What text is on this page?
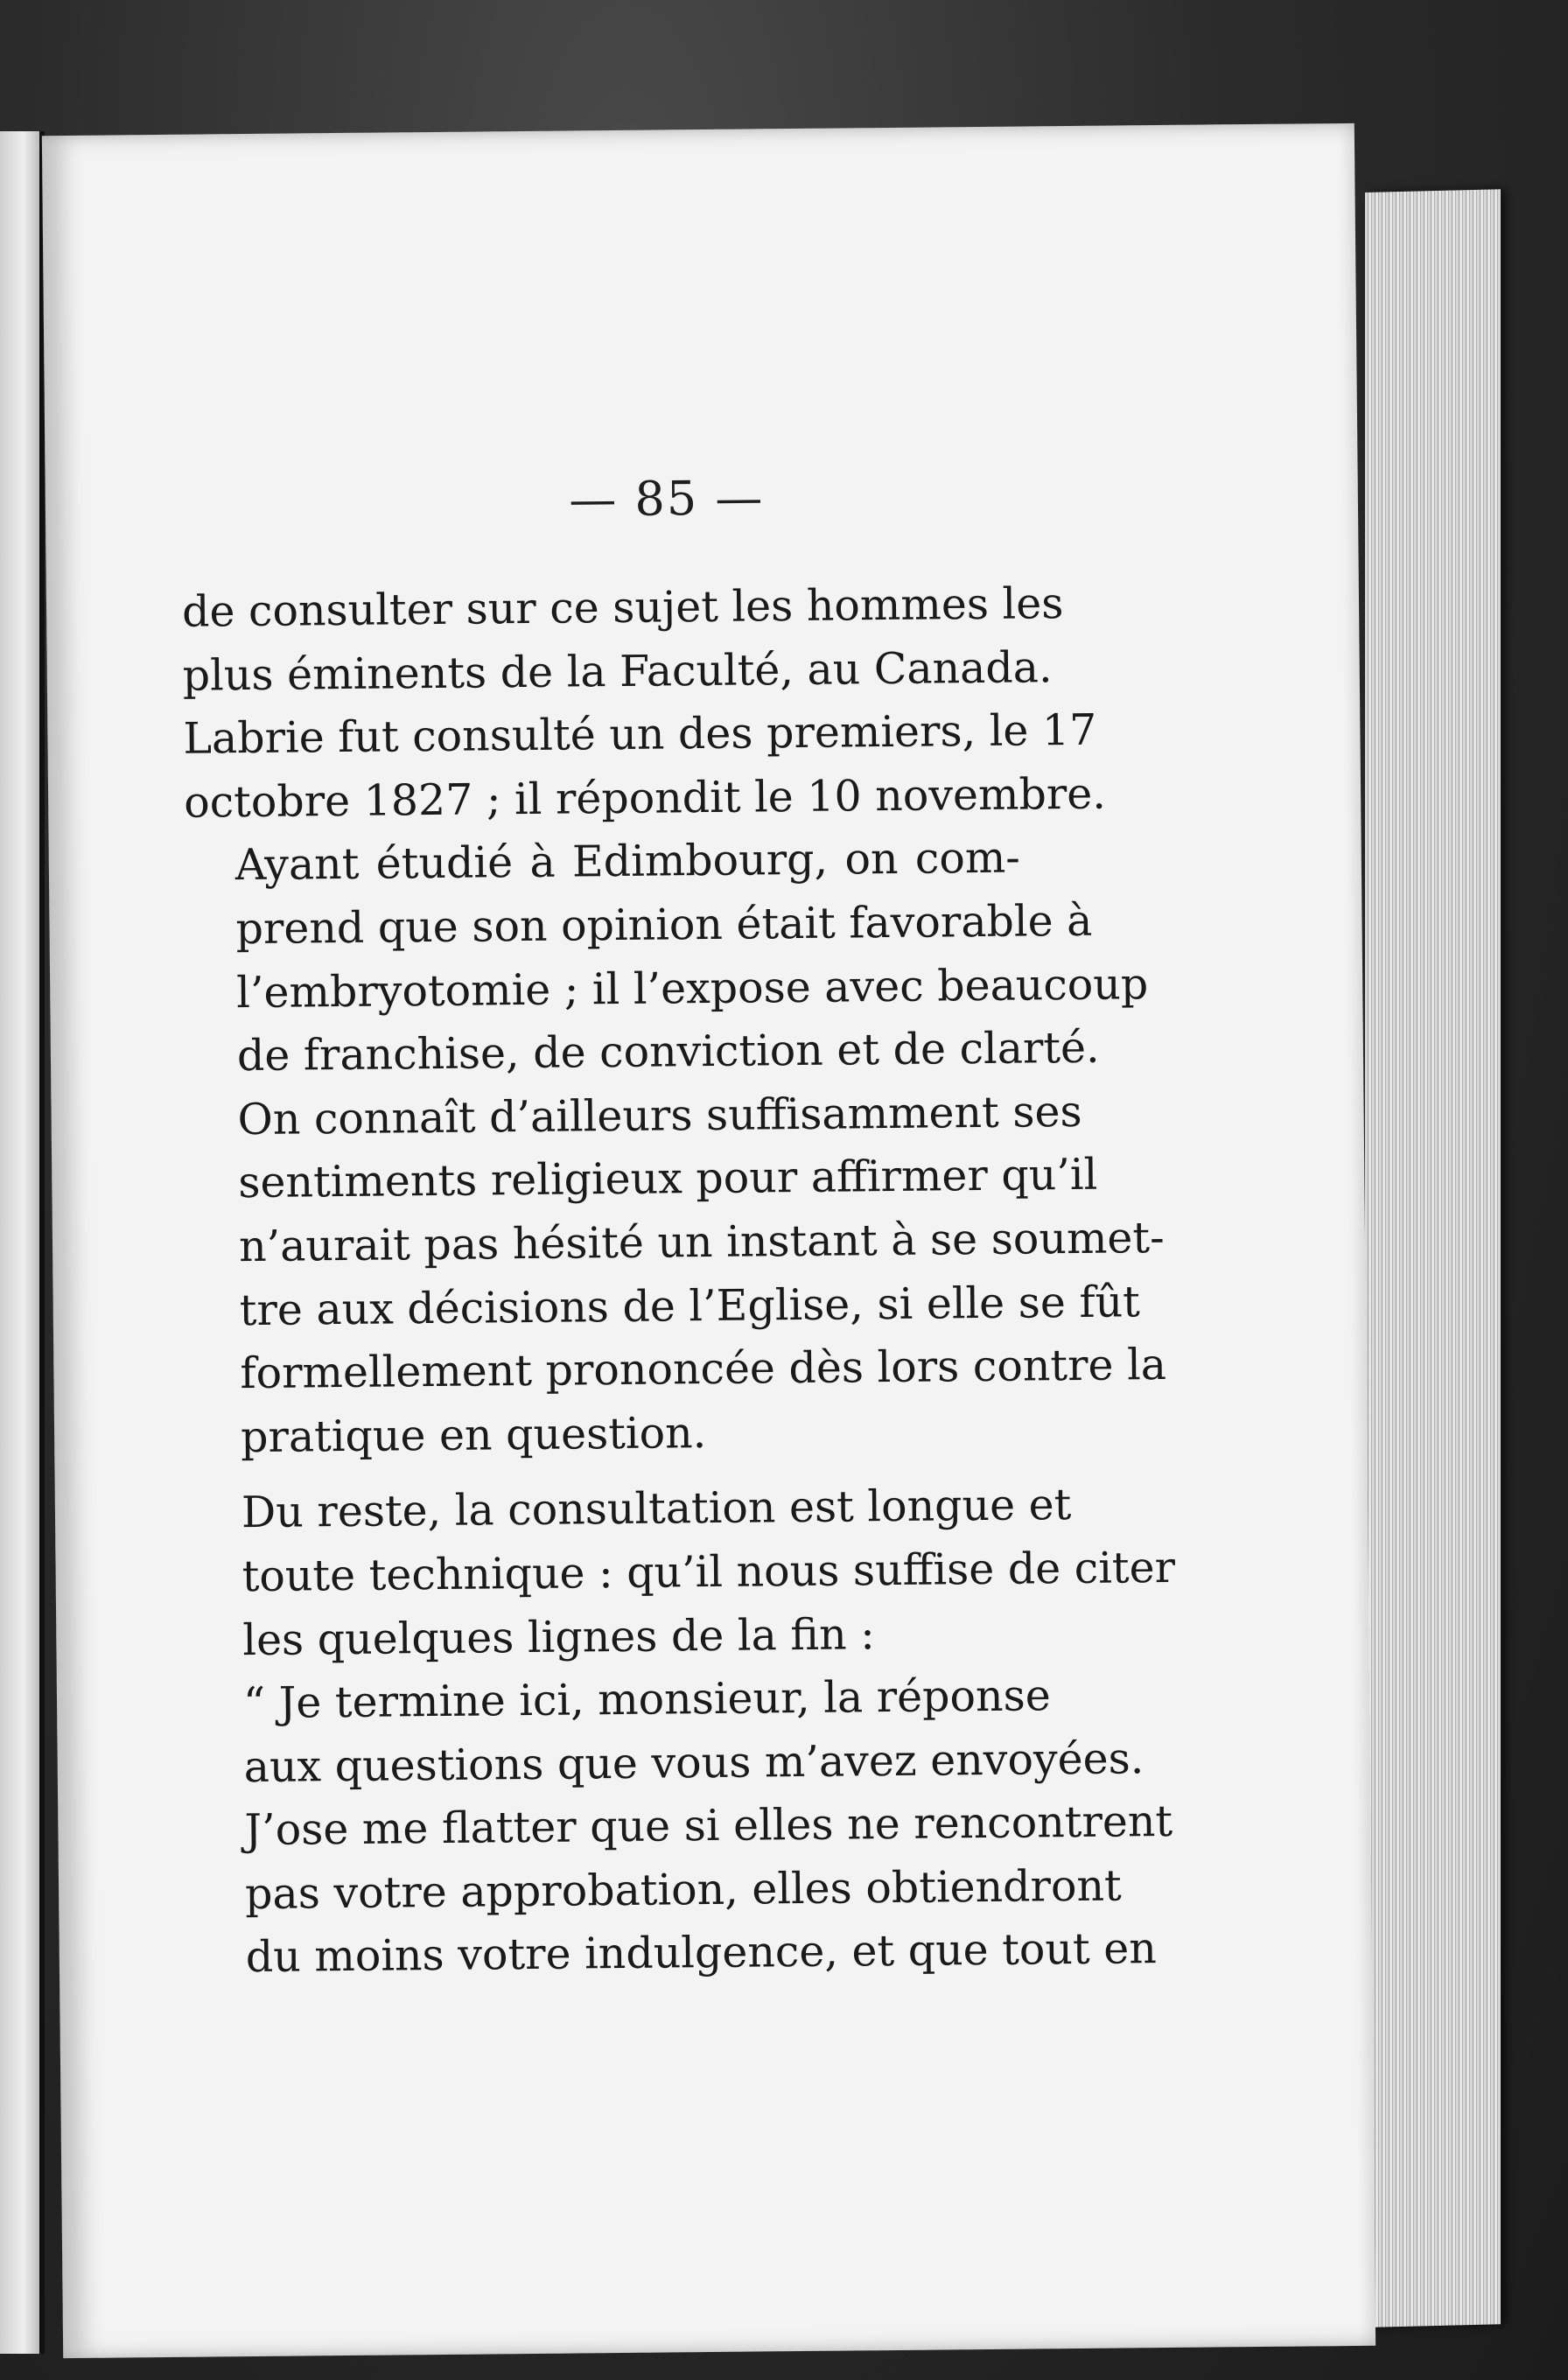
— 85 —

de consulter sur ce sujet les hommes les
plus éminents de la Faculté, au Canada.
Labrie fut consulté un des premiers, le 17
octobre 1827 ; il répondit le 10 novembre.

Ayant étudié à Edimbourg, on com-
prend que son opinion était favorable à
l’embryotomie ; il l’expose avec beaucoup
de franchise, de conviction et de clarté.
On connaît d’ailleurs suffisamment ses
sentiments religieux pour affirmer qu’il
n’aurait pas hésité un instant à se soumet-
tre aux décisions de l’Eglise, si elle se fût
formellement prononcée dès lors contre la
pratique en question.

Du reste, la consultation est longue et
toute technique : qu’il nous suffise de citer
les quelques lignes de la fin :

“ Je termine ici, monsieur, la réponse
aux questions que vous m’avez envoyées.
J’ose me flatter que si elles ne rencontrent
pas votre approbation, elles obtiendront
du moins votre indulgence, et que tout en
